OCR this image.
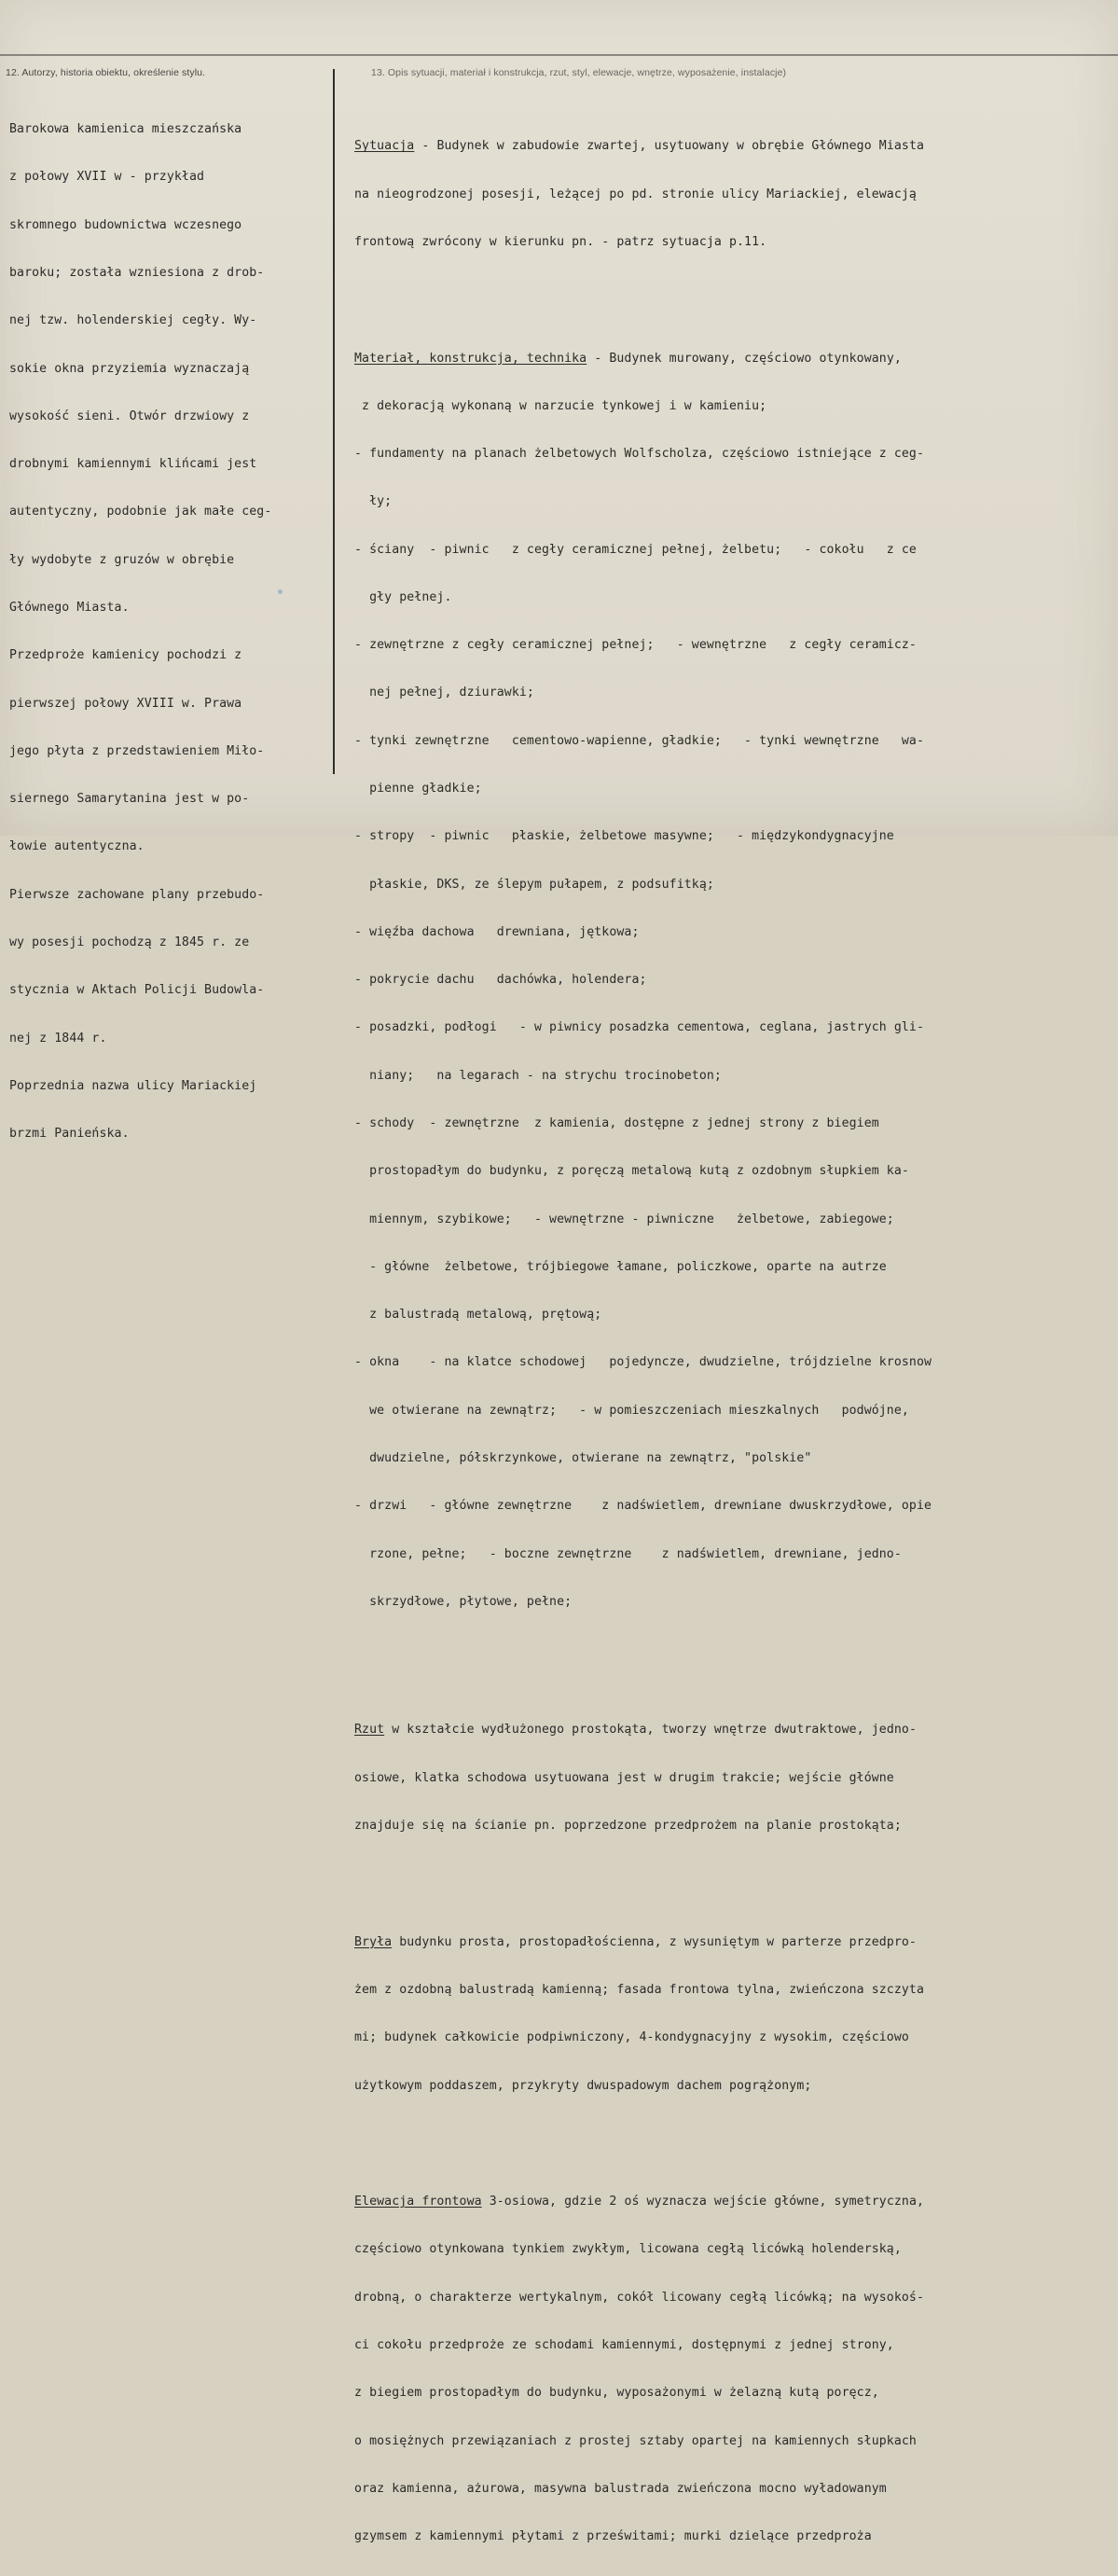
12. Autorzy, historia obiektu, określenie stylu.	13. Opis sytuacji, materiał i konstrukcja, rzut, styl, elewacje, wnętrze, wyposażenie, instalacje)

Barokowa kamienica mieszczańska

z połowy XVII w - przykład

skromnego budownictwa wczesnego

baroku; została wzniesiona z drob-

nej tzw. holenderskiej cegły. Wy-

sokie okna przyziemia wyznaczają

wysokość sieni. Otwór drzwiowy z

drobnymi kamiennymi klińcami jest

autentyczny, podobnie jak małe ceg-

ły wydobyte z gruzów w obrębie

Głównego Miasta.

Przedproże kamienicy pochodzi z

pierwszej połowy XVIII w. Prawa

jego płyta z przedstawieniem Miło-

siernego Samarytanina jest w po-

łowie autentyczna.

Pierwsze zachowane plany przebudo-

wy posesji pochodzą z 1845 r. ze

stycznia w Aktach Policji Budowla-

nej z 1844 r.

Poprzednia nazwa ulicy Mariackiej

brzmi Panieńska.

Sytuacja - Budynek w zabudowie zwartej, usytuowany w obrębie Głównego Miasta

na nieogrodzonej posesji, leżącej po pd. stronie ulicy Mariackiej, elewacją

frontową zwrócony w kierunku pn. - patrz sytuacja p.11.

Materiał, konstrukcja, technika - Budynek murowany, częściowo otynkowany,

z dekoracją wykonaną w narzucie tynkowej i w kamieniu;

- fundamenty na planach żelbetowych Wolfscholza, częściowo istniejące z ceg-

ły;

- ściany  - piwnic   z cegły ceramicznej pełnej, żelbetu;   - cokołu   z ce

gły pełnej.

- zewnętrzne z cegły ceramicznej pełnej;   - wewnętrzne   z cegły ceramicz-

nej pełnej, dziurawki;

- tynki zewnętrzne   cementowo-wapienne, gładkie;   - tynki wewnętrzne   wa-

pienne gładkie;

- stropy  - piwnic   płaskie, żelbetowe masywne;   - międzykondygnacyjne

płaskie, DKS, ze ślepym pułapem, z podsufitką;

- więźba dachowa   drewniana, jętkowa;

- pokrycie dachu   dachówka, holendera;

- posadzki, podłogi   - w piwnicy posadzka cementowa, ceglana, jastrych gli-

niany;   na legarach - na strychu trocinobeton;

- schody  - zewnętrzne  z kamienia, dostępne z jednej strony z biegiem

prostopadłym do budynku, z poręczą metalową kutą z ozdobnym słupkiem ka-

miennym, szybikowe;   - wewnętrzne - piwniczne   żelbetowe, zabiegowe;

- główne  żelbetowe, trójbiegowe łamane, policzkowe, oparte na autrze

z balustradą metalową, prętową;

- okna    - na klatce schodowej   pojedyncze, dwudzielne, trójdzielne krosnow

we otwierane na zewnątrz;   - w pomieszczeniach mieszkalnych   podwójne,

dwudzielne, półskrzynkowe, otwierane na zewnątrz, "polskie"

- drzwi   - główne zewnętrzne    z nadświetlem, drewniane dwuskrzydłowe, opie

rzone, pełne;   - boczne zewnętrzne    z nadświetlem, drewniane, jedno-

skrzydłowe, płytowe, pełne;

Rzut w kształcie wydłużonego prostokąta, tworzy wnętrze dwutraktowe, jedno-

osiowe, klatka schodowa usytuowana jest w drugim trakcie; wejście główne

znajduje się na ścianie pn. poprzedzone przedprożem na planie prostokąta;

Bryła budynku prosta, prostopadłościenna, z wysuniętym w parterze przedpro-

żem z ozdobną balustradą kamienną; fasada frontowa tylna, zwieńczona szczyta

mi; budynek całkowicie podpiwniczony, 4-kondygnacyjny z wysokim, częściowo

użytkowym poddaszem, przykryty dwuspadowym dachem pogrążonym;

Elewacja frontowa 3-osiowa, gdzie 2 oś wyznacza wejście główne, symetryczna,

częściowo otynkowana tynkiem zwykłym, licowana cegłą licówką holenderską,

drobną, o charakterze wertykalnym, cokół licowany cegłą licówką; na wysokoś-

ci cokołu przedproże ze schodami kamiennymi, dostępnymi z jednej strony,

z biegiem prostopadłym do budynku, wyposażonymi w żelazną kutą poręcz,

o mosiężnych przewiązaniach z prostej sztaby opartej na kamiennych słupkach

oraz kamienna, ażurowa, masywna balustrada zwieńczona mocno wyładowanym

gzymsem z kamiennymi płytami z prześwitami; murki dzielące przedproża
